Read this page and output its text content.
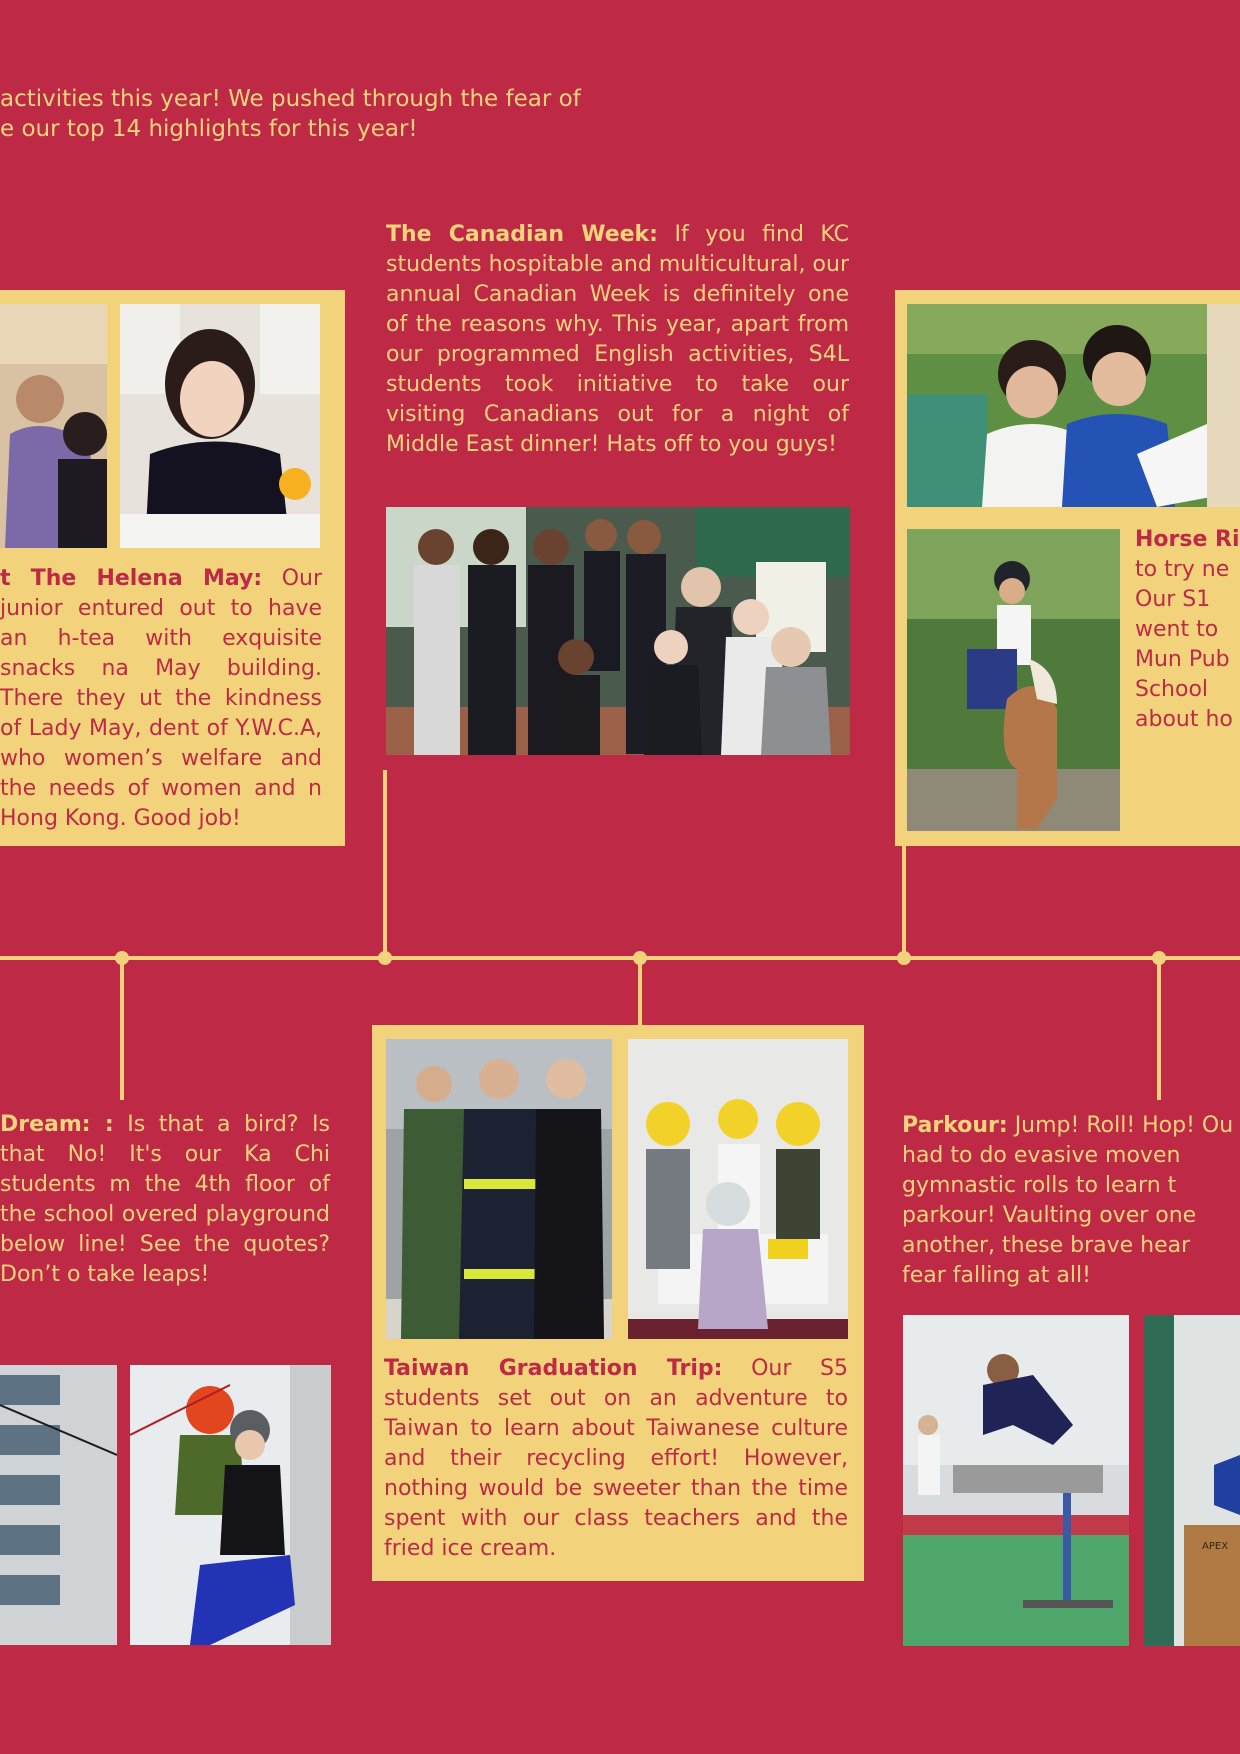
activities this year! We pushed through the fear of
e our top 14 highlights for this year!
t The Helena May: Our junior entured out to have an h-tea with exquisite snacks na May building. There they ut the kindness of Lady May, dent of Y.W.C.A, who women’s welfare and the needs of women and n Hong Kong. Good job!
The Canadian Week: If you find KC students hospitable and multicultural, our annual Canadian Week is definitely one of the reasons why. This year, apart from our programmed English activities, S4L students took initiative to take our visiting Canadians out for a night of Middle East dinner! Hats off to you guys!
Horse Ri
to try ne
Our S1
went to
Mun Pub
School
about ho
Dream: : Is that a bird? Is that No! It's our Ka Chi students m the 4th floor of the school overed playground below line! See the quotes? Don’t o take leaps!
Taiwan Graduation Trip: Our S5 students set out on an adventure to Taiwan to learn about Taiwanese culture and their recycling effort! However, nothing would be sweeter than the time spent with our class teachers and the fried ice cream.
Parkour: Jump! Roll! Hop! Ou had to do evasive moven gymnastic rolls to learn t parkour! Vaulting over one another, these brave hear fear falling at all!
APEX
